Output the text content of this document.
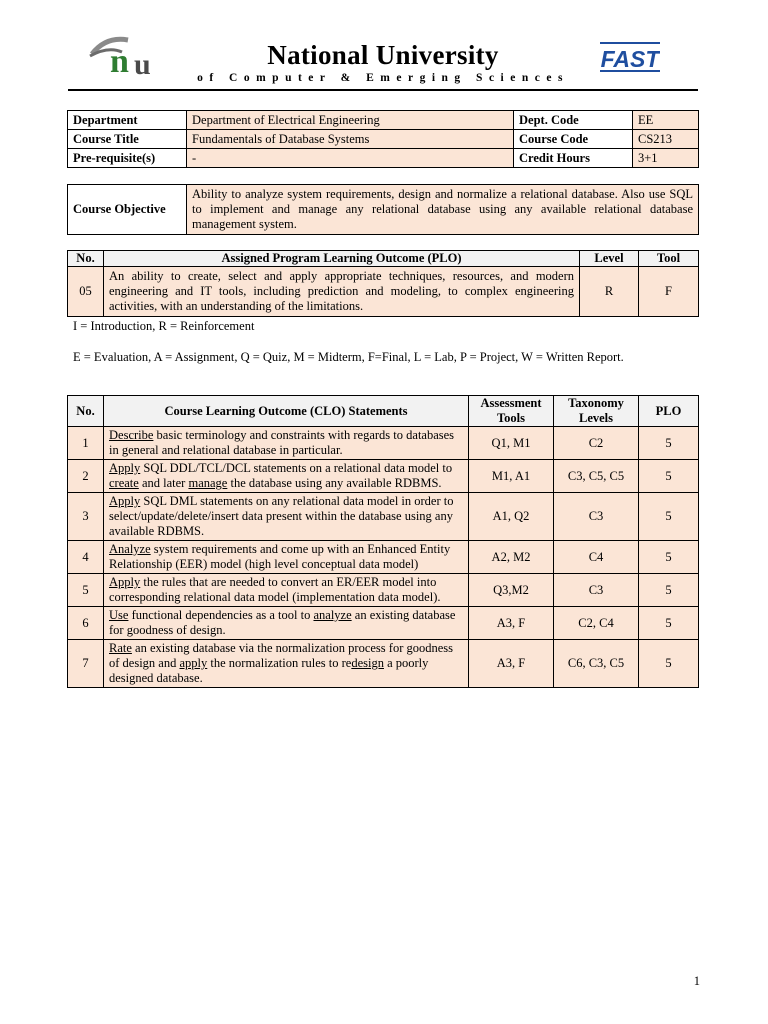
n u	National University
of Computer & Emerging Sciences
FAST
Department	Department of Electrical Engineering	Dept. Code	EE
Course Title	Fundamentals of Database Systems	Course Code	CS213
Pre-requisite(s)	-	Credit Hours	3+1
Course Objective	Ability to analyze system requirements, design and normalize a relational database. Also use SQL to implement and manage any relational database using any available relational database management system.
No.	Assigned Program Learning Outcome (PLO)	Level	Tool
05	An ability to create, select and apply appropriate techniques, resources, and modern engineering and IT tools, including prediction and modeling, to complex engineering activities, with an understanding of the limitations.	R	F
I = Introduction, R = Reinforcement
E = Evaluation, A = Assignment, Q = Quiz, M = Midterm, F=Final, L = Lab, P = Project, W = Written Report.
No.	Course Learning Outcome (CLO) Statements	Assessment Tools	Taxonomy Levels	PLO
1	Describe basic terminology and constraints with regards to databases in general and relational database in particular.	Q1, M1	C2	5
2	Apply SQL DDL/TCL/DCL statements on a relational data model to create and later manage the database using any available RDBMS.	M1, A1	C3, C5, C5	5
3	Apply SQL DML statements on any relational data model in order to select/update/delete/insert data present within the database using any available RDBMS.	A1, Q2	C3	5
4	Analyze system requirements and come up with an Enhanced Entity Relationship (EER) model (high level conceptual data model)	A2, M2	C4	5
5	Apply the rules that are needed to convert an ER/EER model into corresponding relational data model (implementation data model).	Q3,M2	C3	5
6	Use functional dependencies as a tool to analyze an existing database for goodness of design.	A3, F	C2, C4	5
7	Rate an existing database via the normalization process for goodness of design and apply the normalization rules to redesign a poorly designed database.	A3, F	C6, C3, C5	5
1
